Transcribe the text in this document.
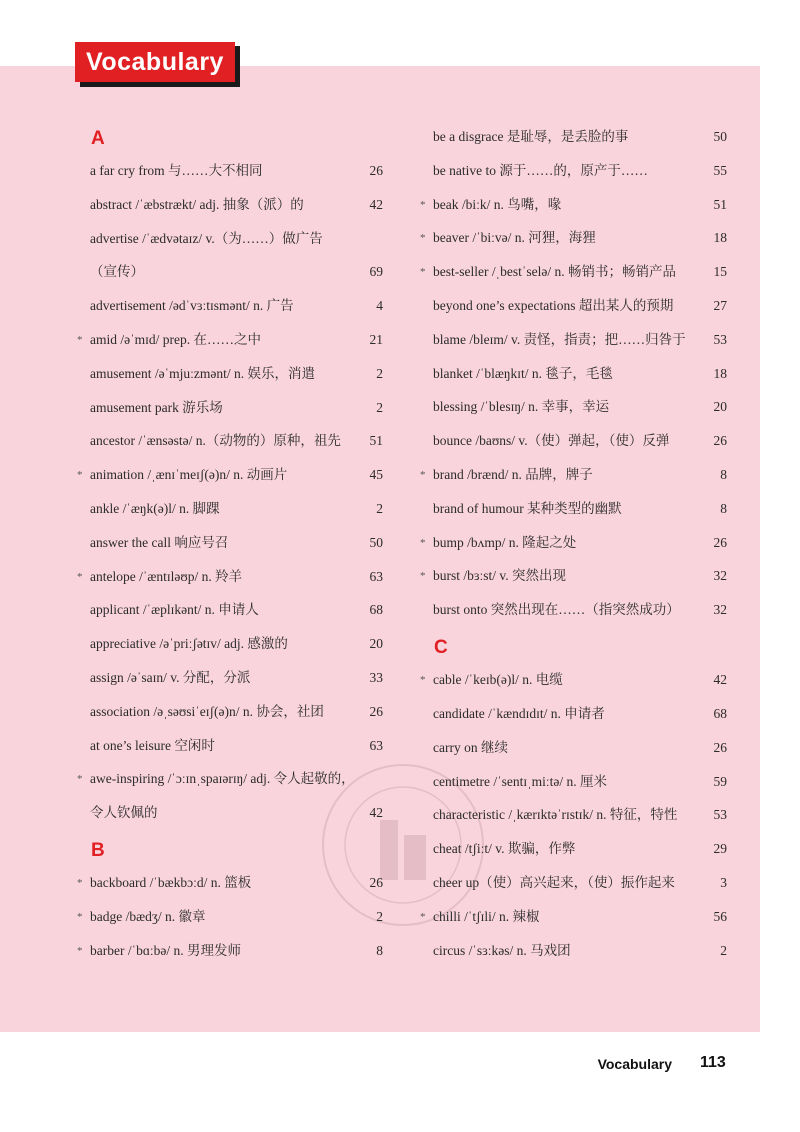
Vocabulary
A
a far cry from 与……大不相同	26
abstract /ˈæbstrækt/ adj. 抽象（派）的	42
advertise /ˈædvətaɪz/ v.（为……）做广告
（宣传）	69
advertisement /ədˈvɜːtɪsmənt/ n. 广告	4
* amid /əˈmɪd/ prep. 在……之中	21
amusement /əˈmjuːzmənt/ n. 娱乐，消遣	2
amusement park 游乐场	2
ancestor /ˈænsəstə/ n.（动物的）原种，祖先 51
* animation /ˌænɪˈmeɪʃ(ə)n/ n. 动画片	45
ankle /ˈæŋk(ə)l/ n. 脚踝	2
answer the call 响应号召	50
* antelope /ˈæntɪləʊp/ n. 羚羊	63
applicant /ˈæplɪkənt/ n. 申请人	68
appreciative /əˈpriːʃətɪv/ adj. 感激的	20
assign /əˈsaɪn/ v. 分配，分派	33
association /əˌsəʊsiˈeɪʃ(ə)n/ n. 协会，社团	26
at one’s leisure 空闲时	63
* awe-inspiring /ˈɔːɪnˌspaɪərɪŋ/ adj. 令人起敬的，
令人钦佩的	42
B
* backboard /ˈbækbɔːd/ n. 篮板	26
* badge /bædʒ/ n. 徽章	2
* barber /ˈbɑːbə/ n. 男理发师	8
be a disgrace 是耻辱，是丢脸的事	50
be native to 源于……的，原产于……	55
* beak /biːk/ n. 鸟嘴，喙	51
* beaver /ˈbiːvə/ n. 河狸，海狸	18
* best-seller /ˌbestˈselə/ n. 畅销书；畅销产品	15
beyond one’s expectations 超出某人的预期	27
blame /bleɪm/ v. 责怪，指责；把……归咎于 53
blanket /ˈblæŋkɪt/ n. 毯子，毛毯	18
blessing /ˈblesɪŋ/ n. 幸事，幸运	20
bounce /baʊns/ v.（使）弹起，（使）反弹	26
* brand /brænd/ n. 品牌，牌子	8
brand of humour 某种类型的幽默	8
* bump /bʌmp/ n. 隆起之处	26
* burst /bɜːst/ v. 突然出现	32
burst onto 突然出现在……（指突然成功） 32
C
* cable /ˈkeɪb(ə)l/ n. 电缆	42
candidate /ˈkændɪdɪt/ n. 申请者	68
carry on 继续	26
centimetre /ˈsentɪˌmiːtə/ n. 厘米	59
characteristic /ˌkærɪktəˈrɪstɪk/ n. 特征，特性	53
cheat /tʃiːt/ v. 欺骗，作弊	29
cheer up（使）高兴起来，（使）振作起来	3
* chilli /ˈtʃɪli/ n. 辣椒	56
circus /ˈsɜːkəs/ n. 马戏团	2
Vocabulary 113
